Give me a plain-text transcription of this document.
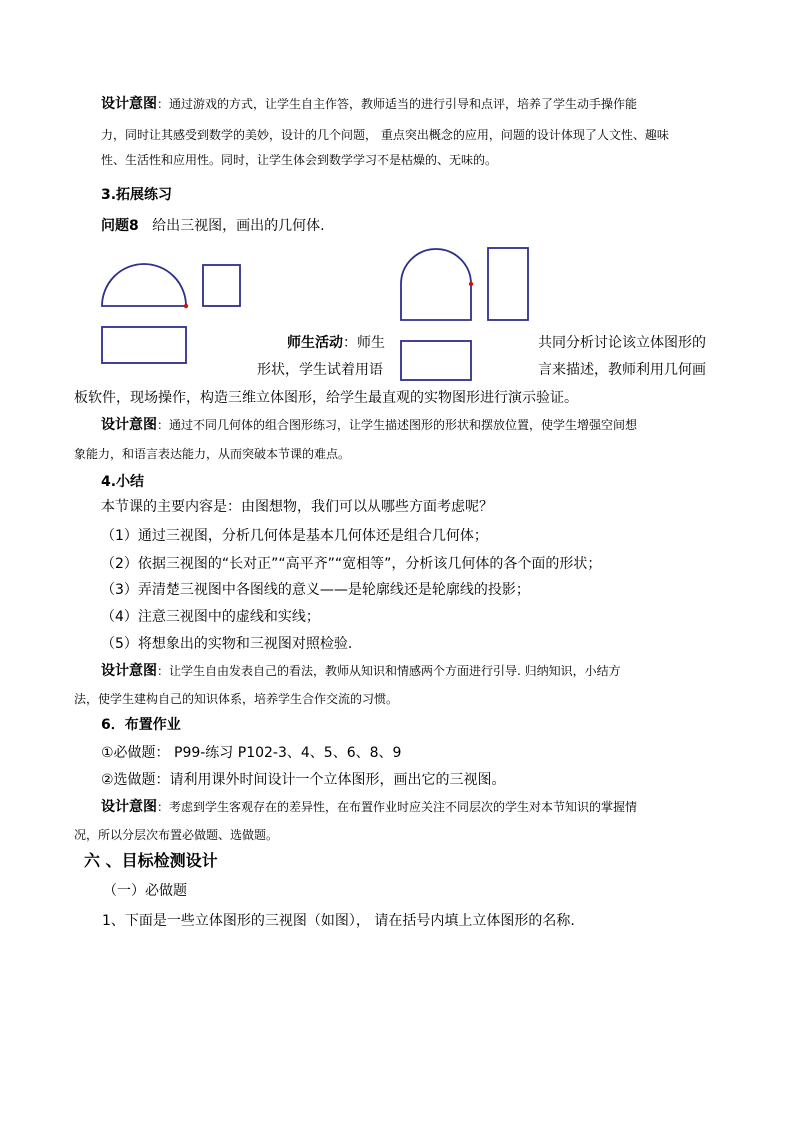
设计意图：通过游戏的方式，让学生自主作答，教师适当的进行引导和点评，培养了学生动手操作能
力，同时让其感受到数学的美妙，设计的几个问题， 重点突出概念的应用，问题的设计体现了人文性、趣味
性、生活性和应用性。同时，让学生体会到数学学习不是枯燥的、无味的。
3.拓展练习
问题8 给出三视图，画出的几何体.
师生活动：师生	共同分析讨论该立体图形的
形状，学生试着用语	言来描述，教师利用几何画
板软件，现场操作，构造三维立体图形，给学生最直观的实物图形进行演示验证。
设计意图：通过不同几何体的组合图形练习，让学生描述图形的形状和摆放位置，使学生增强空间想
象能力，和语言表达能力，从而突破本节课的难点。
4.小结
本节课的主要内容是：由图想物，我们可以从哪些方面考虑呢？
（1）通过三视图，分析几何体是基本几何体还是组合几何体；
（2）依据三视图的“长对正”“高平齐”“宽相等”，分析该几何体的各个面的形状；
（3）弄清楚三视图中各图线的意义——是轮廓线还是轮廓线的投影；
（4）注意三视图中的虚线和实线；
（5）将想象出的实物和三视图对照检验.
设计意图：让学生自由发表自己的看法，教师从知识和情感两个方面进行引导. 归纳知识，小结方
法，使学生建构自己的知识体系，培养学生合作交流的习惯。
6．布置作业
①必做题： P99-练习 P102-3、4、5、6、8、9
②选做题：请利用课外时间设计一个立体图形，画出它的三视图。
设计意图：考虑到学生客观存在的差异性，在布置作业时应关注不同层次的学生对本节知识的掌握情
况，所以分层次布置必做题、选做题。
六 、目标检测设计
（一）必做题
1、下面是一些立体图形的三视图（如图）， 请在括号内填上立体图形的名称.
